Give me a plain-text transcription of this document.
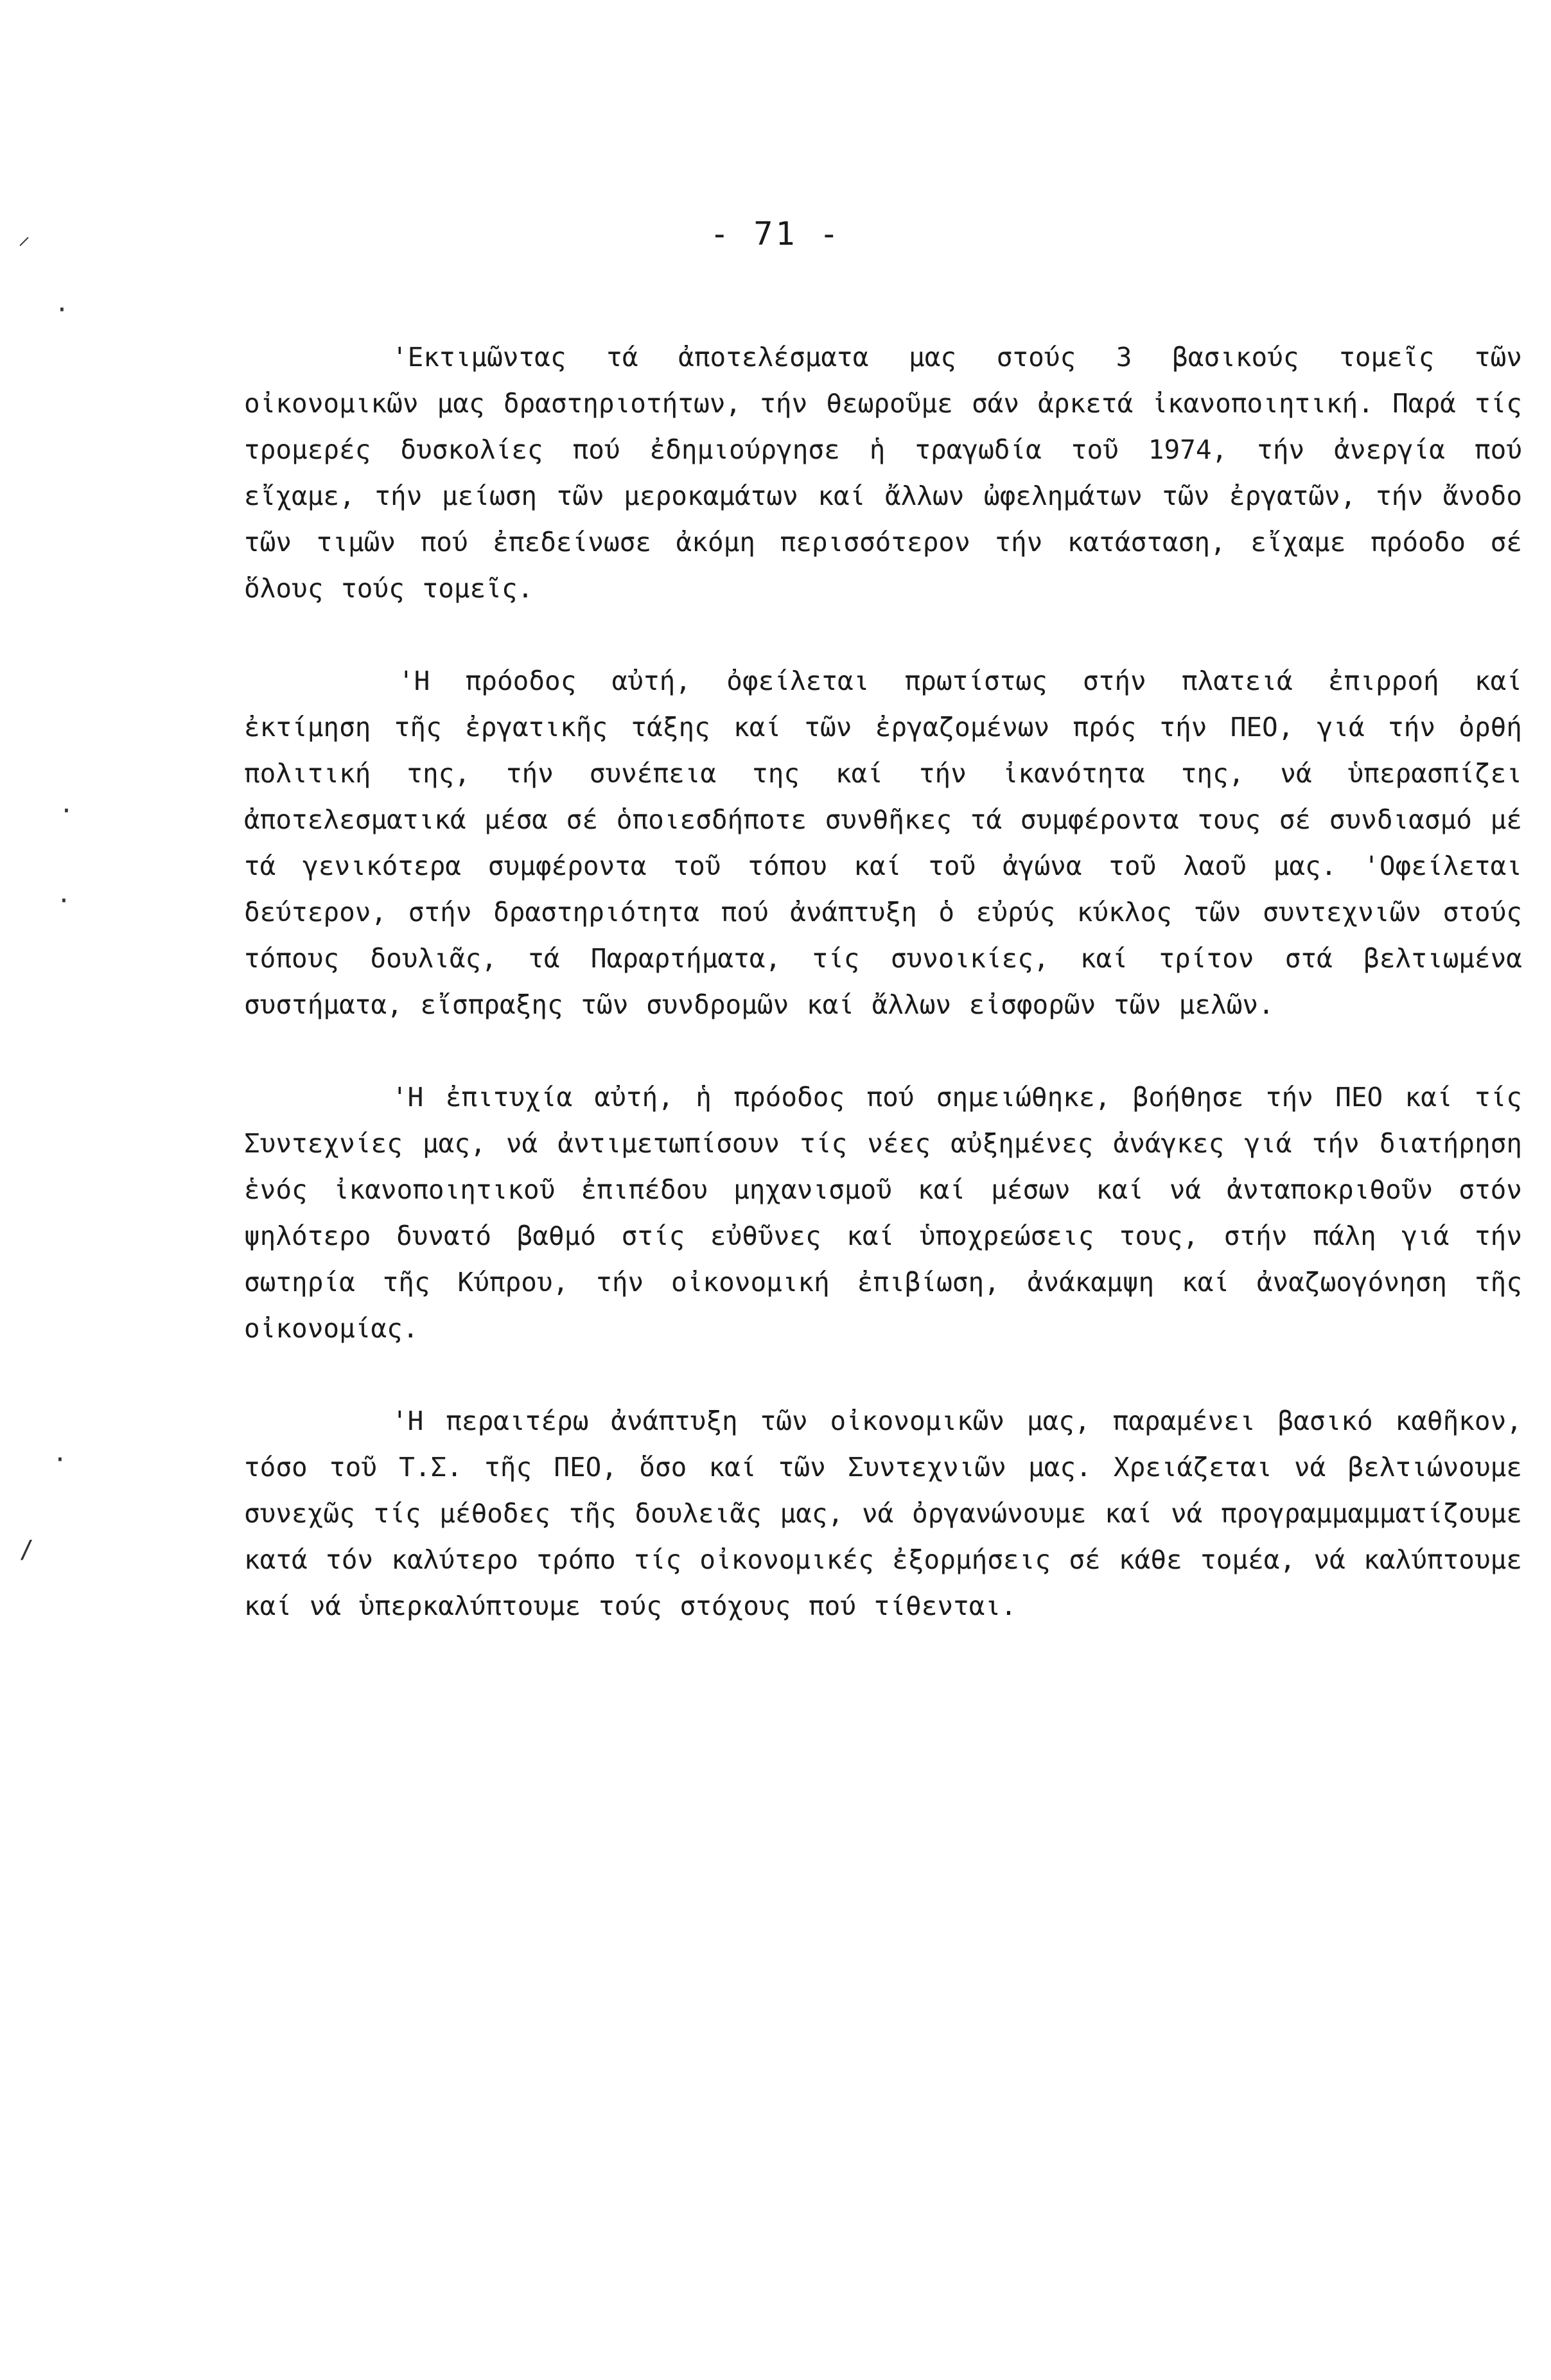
- 71 -

'Εκτιμῶντας τά ἀποτελέσματα μας στούς 3 βασικούς τομεῖς τῶν οἰκονομικῶν μας δραστηριοτήτων, τήν θεωροῦμε σάν ἀρκετά ἰκανοποιητική. Παρά τίς τρομερές δυσκολίες πού ἐδημιούργησε ἡ τραγωδία τοῦ 1974, τήν ἀνεργία πού εἴχαμε, τήν μείωση τῶν μεροκαμάτων καί ἄλλων ὠφελημάτων τῶν ἐργατῶν, τήν ἄνοδο τῶν τιμῶν πού ἐπεδείνωσε ἀκόμη περισσότερον τήν κατάσταση, εἴχαμε πρόοδο σέ ὅλους τούς τομεῖς.

'Η πρόοδος αὐτή, ὀφείλεται πρωτίστως στήν πλατειά ἐπιρροή καί ἐκτίμηση τῆς ἐργατικῆς τάξης καί τῶν ἐργαζομένων πρός τήν ΠΕΟ, γιά τήν ὀρθή πολιτική της, τήν συνέπεια της καί τήν ἰκανότητα της, νά ὑπερασπίζει ἀποτελεσματικά μέσα σέ ὁποιεσδήποτε συνθῆκες τά συμφέροντα τους σέ συνδιασμό μέ τά γενικότερα συμφέροντα τοῦ τόπου καί τοῦ ἀγώνα τοῦ λαοῦ μας. 'Οφείλεται δεύτερον, στήν δραστηριότητα πού ἀνάπτυξη ὁ εὐρύς κύκλος τῶν συντεχνιῶν στούς τόπους δουλιᾶς, τά Παραρτήματα, τίς συνοικίες, καί τρίτον στά βελτιωμένα συστήματα, εἴσπραξης τῶν συνδρομῶν καί ἄλλων εἰσφορῶν τῶν μελῶν.

'Η ἐπιτυχία αὐτή, ἡ πρόοδος πού σημειώθηκε, βοήθησε τήν ΠΕΟ καί τίς Συντεχνίες μας, νά ἀντιμετωπίσουν τίς νέες αὐξημένες ἀνάγκες γιά τήν διατήρηση ἑνός ἰκανοποιητικοῦ ἐπιπέδου μηχανισμοῦ καί μέσων καί νά ἀνταποκριθοῦν στόν ψηλότερο δυνατό βαθμό στίς εὐθῦνες καί ὑποχρεώσεις τους, στήν πάλη γιά τήν σωτηρία τῆς Κύπρου, τήν οἰκονομική ἐπιβίωση, ἀνάκαμψη καί ἀναζωογόνηση τῆς οἰκονομίας.

'Η περαιτέρω ἀνάπτυξη τῶν οἰκονομικῶν μας, παραμένει βασικό καθῆκον, τόσο τοῦ Τ.Σ. τῆς ΠΕΟ, ὅσο καί τῶν Συντεχνιῶν μας. Χρειάζεται νά βελτιώνουμε συνεχῶς τίς μέθοδες τῆς δουλειᾶς μας, νά ὀργανώνουμε καί νά προγραμμαμματίζουμε κατά τόν καλύτερο τρόπο τίς οἰκονομικές ἐξορμήσεις σέ κάθε τομέα, νά καλύπτουμε καί νά ὑπερκαλύπτουμε τούς στόχους πού τίθενται.

⸝
·
·
·
·
/
